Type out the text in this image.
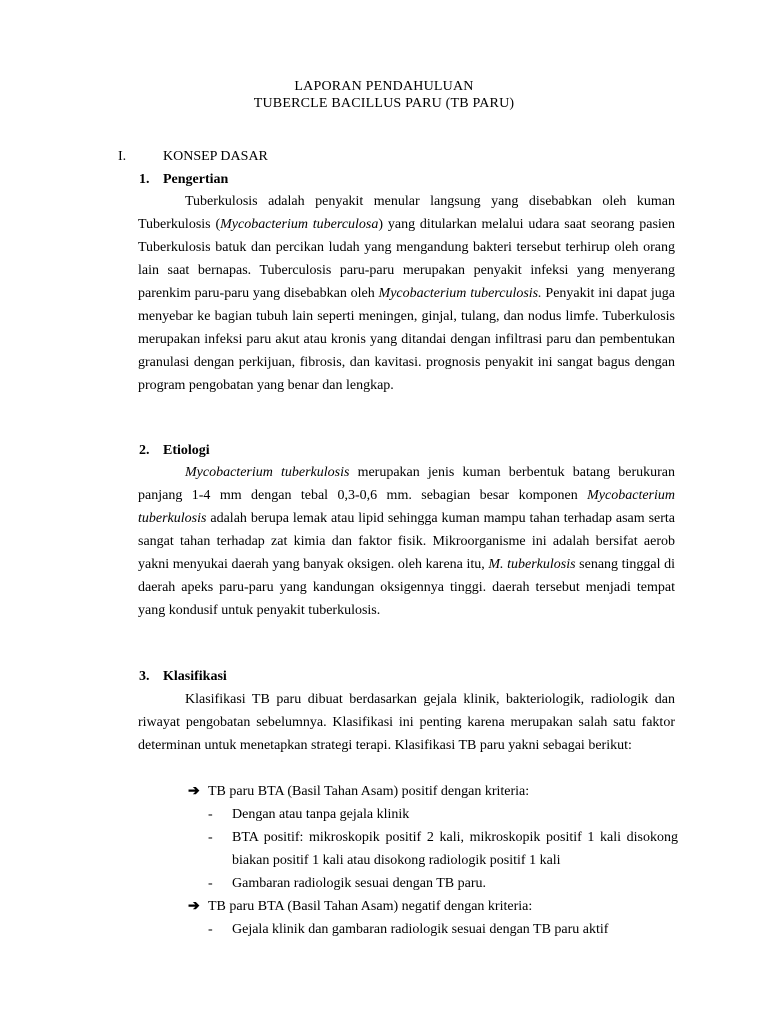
LAPORAN PENDAHULUAN
TUBERCLE BACILLUS PARU (TB PARU)
I.	KONSEP DASAR
1. Pengertian
Tuberkulosis adalah penyakit menular langsung yang disebabkan oleh kuman Tuberkulosis (Mycobacterium tuberculosa) yang ditularkan melalui udara saat seorang pasien Tuberkulosis batuk dan percikan ludah yang mengandung bakteri tersebut terhirup oleh orang lain saat bernapas. Tuberculosis paru-paru merupakan penyakit infeksi yang menyerang parenkim paru-paru yang disebabkan oleh Mycobacterium tuberculosis. Penyakit ini dapat juga menyebar ke bagian tubuh lain seperti meningen, ginjal, tulang, dan nodus limfe. Tuberkulosis merupakan infeksi paru akut atau kronis yang ditandai dengan infiltrasi paru dan pembentukan granulasi dengan perkijuan, fibrosis, dan kavitasi. prognosis penyakit ini sangat bagus dengan program pengobatan yang benar dan lengkap.
2. Etiologi
Mycobacterium tuberkulosis merupakan jenis kuman berbentuk batang berukuran panjang 1-4 mm dengan tebal 0,3-0,6 mm. sebagian besar komponen Mycobacterium tuberkulosis adalah berupa lemak atau lipid sehingga kuman mampu tahan terhadap asam serta sangat tahan terhadap zat kimia dan faktor fisik. Mikroorganisme ini adalah bersifat aerob yakni menyukai daerah yang banyak oksigen. oleh karena itu, M. tuberkulosis senang tinggal di daerah apeks paru-paru yang kandungan oksigennya tinggi. daerah tersebut menjadi tempat yang kondusif untuk penyakit tuberkulosis.
3. Klasifikasi
Klasifikasi TB paru dibuat berdasarkan gejala klinik, bakteriologik, radiologik dan riwayat pengobatan sebelumnya. Klasifikasi ini penting karena merupakan salah satu faktor determinan untuk menetapkan strategi terapi. Klasifikasi TB paru yakni sebagai berikut:
➔ TB paru BTA (Basil Tahan Asam) positif dengan kriteria:
-	Dengan atau tanpa gejala klinik
-	BTA positif: mikroskopik positif 2 kali, mikroskopik positif 1 kali disokong biakan positif 1 kali atau disokong radiologik positif 1 kali
-	Gambaran radiologik sesuai dengan TB paru.
➔ TB paru BTA (Basil Tahan Asam) negatif dengan kriteria:
-	Gejala klinik dan gambaran radiologik sesuai dengan TB paru aktif
